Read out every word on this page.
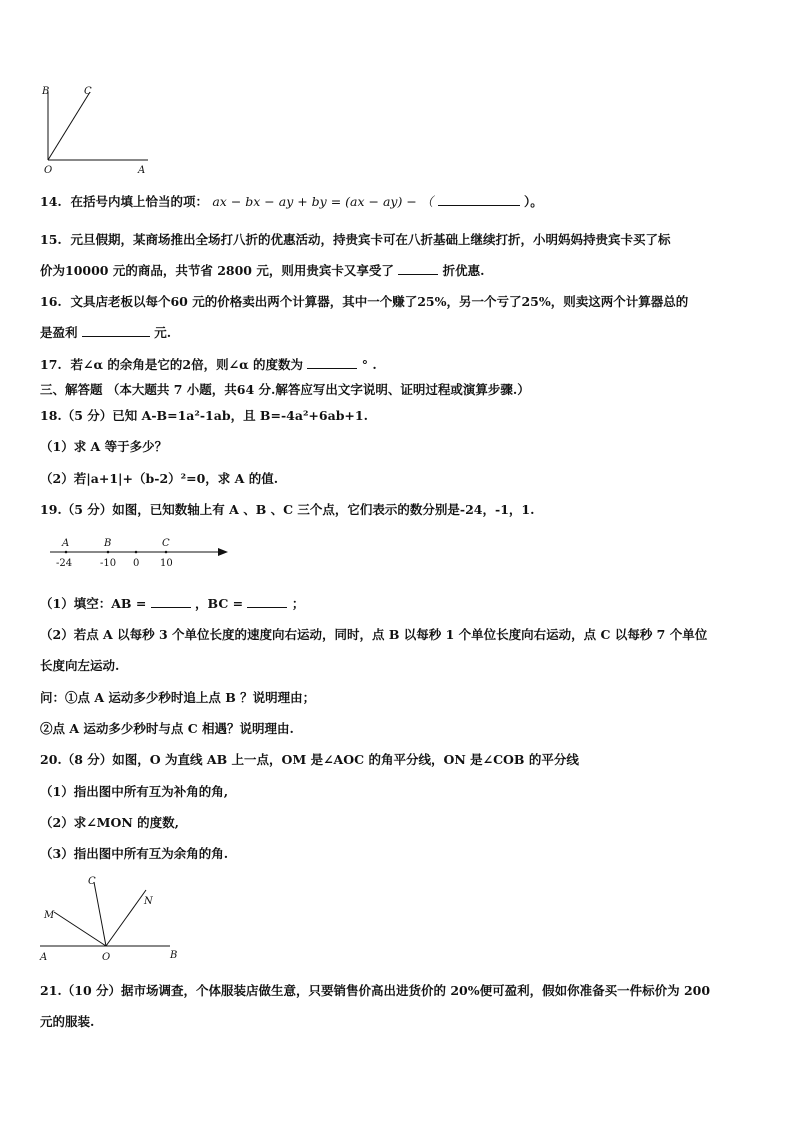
B	C
O	A
14. 在括号内填上恰当的项： ax − bx − ay + by = (ax − ay) − （	）。
15. 元旦假期，某商场推出全场打八折的优惠活动，持贵宾卡可在八折基础上继续打折，小明妈妈持贵宾卡买了标
价为10000 元的商品，共节省 2800 元，则用贵宾卡又享受了	折优惠.
16. 文具店老板以每个60 元的价格卖出两个计算器，其中一个赚了25%，另一个亏了25%，则卖这两个计算器总的
是盈利	元.
17. 若∠α 的余角是它的2倍，则∠α 的度数为	° .
三、解答题 （本大题共 7 小题，共64 分.解答应写出文字说明、证明过程或演算步骤.）
18.（5 分）已知 A-B=1a²-1ab，且 B=-4a²+6ab+1.
（1）求 A 等于多少？
（2）若|a+1|+（b-2）²=0，求 A 的值.
19.（5 分）如图，已知数轴上有 A 、B 、C 三个点，它们表示的数分别是-24，-1，1.
A	B	C
-24	-10 0 10
（1）填空：AB =	，BC =	；
（2）若点 A 以每秒 3 个单位长度的速度向右运动，同时，点 B 以每秒 1 个单位长度向右运动，点 C 以每秒 7 个单位
长度向左运动.
问：①点 A 运动多少秒时追上点 B ？说明理由；
②点 A 运动多少秒时与点 C 相遇？说明理由.
20.（8 分）如图，O 为直线 AB 上一点，OM 是∠AOC 的角平分线，ON 是∠COB 的平分线
（1）指出图中所有互为补角的角,
（2）求∠MON 的度数,
（3）指出图中所有互为余角的角.
C
N
M
A	O	B
21.（10 分）据市场调查，个体服装店做生意，只要销售价高出进货价的 20%便可盈利，假如你准备买一件标价为 200
元的服装.
